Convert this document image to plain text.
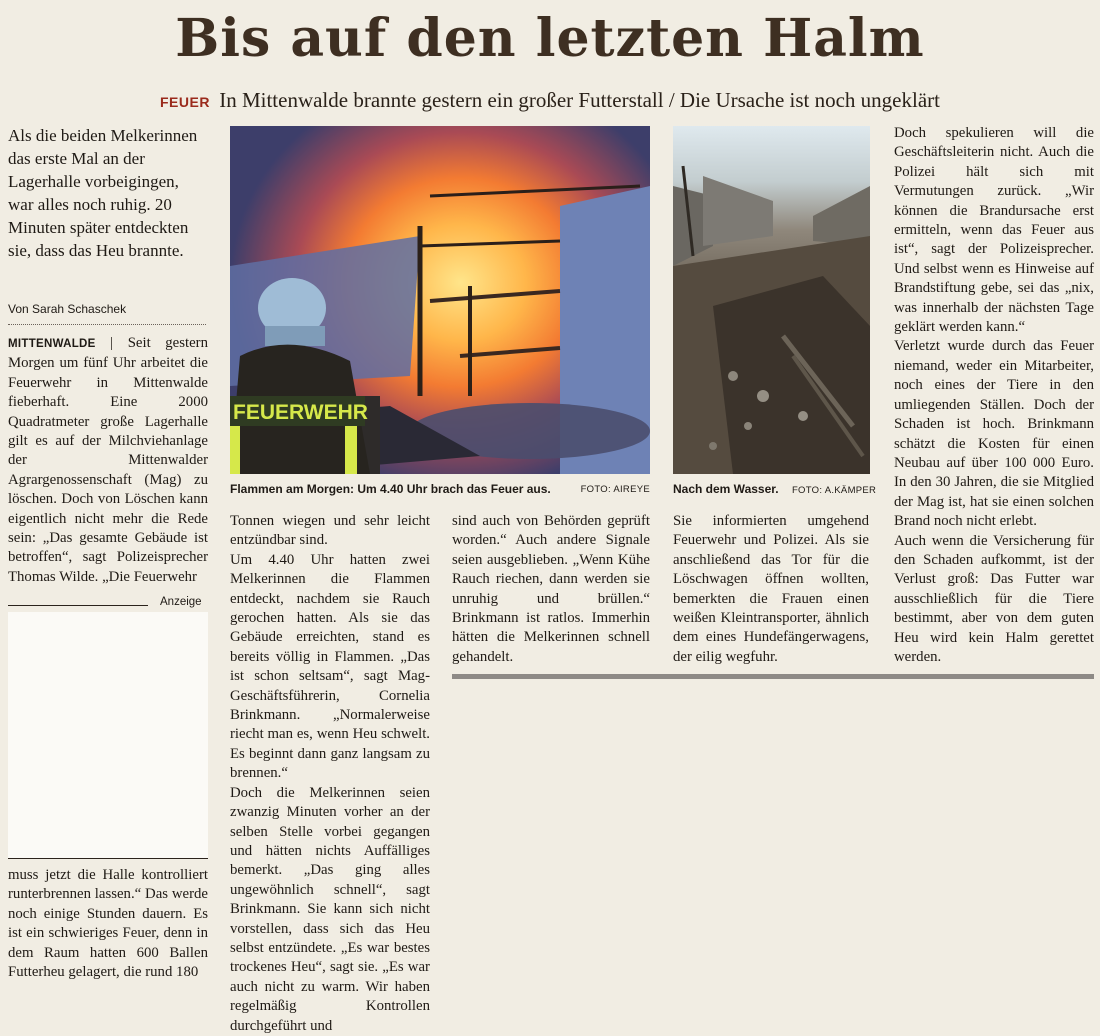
Bis auf den letzten Halm
FEUER In Mittenwalde brannte gestern ein großer Futterstall / Die Ursache ist noch ungeklärt

Als die beiden Melkerinnen das erste Mal an der Lagerhalle vorbeigingen, war alles noch ruhig. 20 Minuten später entdeckten sie, dass das Heu brannte.

Von Sarah Schaschek

MITTENWALDE | Seit gestern Morgen um fünf Uhr arbeitet die Feuerwehr in Mittenwalde fieberhaft. Eine 2000 Quadratmeter große Lagerhalle gilt es auf der Milchviehanlage der Mittenwalder Agrargenossenschaft (Mag) zu löschen. Doch von Löschen kann eigentlich nicht mehr die Rede sein: „Das gesamte Gebäude ist betroffen“, sagt Polizeisprecher Thomas Wilde. „Die Feuerwehr

Anzeige

muss jetzt die Halle kontrolliert runterbrennen lassen.“ Das werde noch einige Stunden dauern. Es ist ein schwieriges Feuer, denn in dem Raum hatten 600 Ballen Futterheu gelagert, die rund 180

FEUERWEHR
Flammen am Morgen: Um 4.40 Uhr brach das Feuer aus.	FOTO: AIREYE Nach dem Wasser. FOTO: A.KÄMPER

Tonnen wiegen und sehr leicht entzündbar sind.

Um 4.40 Uhr hatten zwei Melkerinnen die Flammen entdeckt, nachdem sie Rauch gerochen hatten. Als sie das Gebäude erreichten, stand es bereits völlig in Flammen. „Das ist schon seltsam“, sagt Mag-Geschäftsführerin, Cornelia Brinkmann. „Normalerweise riecht man es, wenn Heu schwelt. Es beginnt dann ganz langsam zu brennen.“

Doch die Melkerinnen seien zwanzig Minuten vorher an der selben Stelle vorbei gegangen und hätten nichts Auffälliges bemerkt. „Das ging alles ungewöhnlich schnell“, sagt Brinkmann. Sie kann sich nicht vorstellen, dass sich das Heu selbst entzündete. „Es war bestes trockenes Heu“, sagt sie. „Es war auch nicht zu warm. Wir haben regelmäßig Kontrollen durchgeführt und

sind auch von Behörden geprüft worden.“ Auch andere Signale seien ausgeblieben. „Wenn Kühe Rauch riechen, dann werden sie unruhig und brüllen.“ Brinkmann ist ratlos. Immerhin hätten die Melkerinnen schnell gehandelt.

Sie informierten umgehend Feuerwehr und Polizei. Als sie anschließend das Tor für die Löschwagen öffnen wollten, bemerkten die Frauen einen weißen Kleintransporter, ähnlich dem eines Hundefängerwagens, der eilig wegfuhr.

Doch spekulieren will die Geschäftsleiterin nicht. Auch die Polizei hält sich mit Vermutungen zurück. „Wir können die Brandursache erst ermitteln, wenn das Feuer aus ist“, sagt der Polizeisprecher. Und selbst wenn es Hinweise auf Brandstiftung gebe, sei das „nix, was innerhalb der nächsten Tage geklärt werden kann.“

Verletzt wurde durch das Feuer niemand, weder ein Mitarbeiter, noch eines der Tiere in den umliegenden Ställen. Doch der Schaden ist hoch. Brinkmann schätzt die Kosten für einen Neubau auf über 100 000 Euro. In den 30 Jahren, die sie Mitglied der Mag ist, hat sie einen solchen Brand noch nicht erlebt.

Auch wenn die Versicherung für den Schaden aufkommt, ist der Verlust groß: Das Futter war ausschließlich für die Tiere bestimmt, aber von dem guten Heu wird kein Halm gerettet werden.
